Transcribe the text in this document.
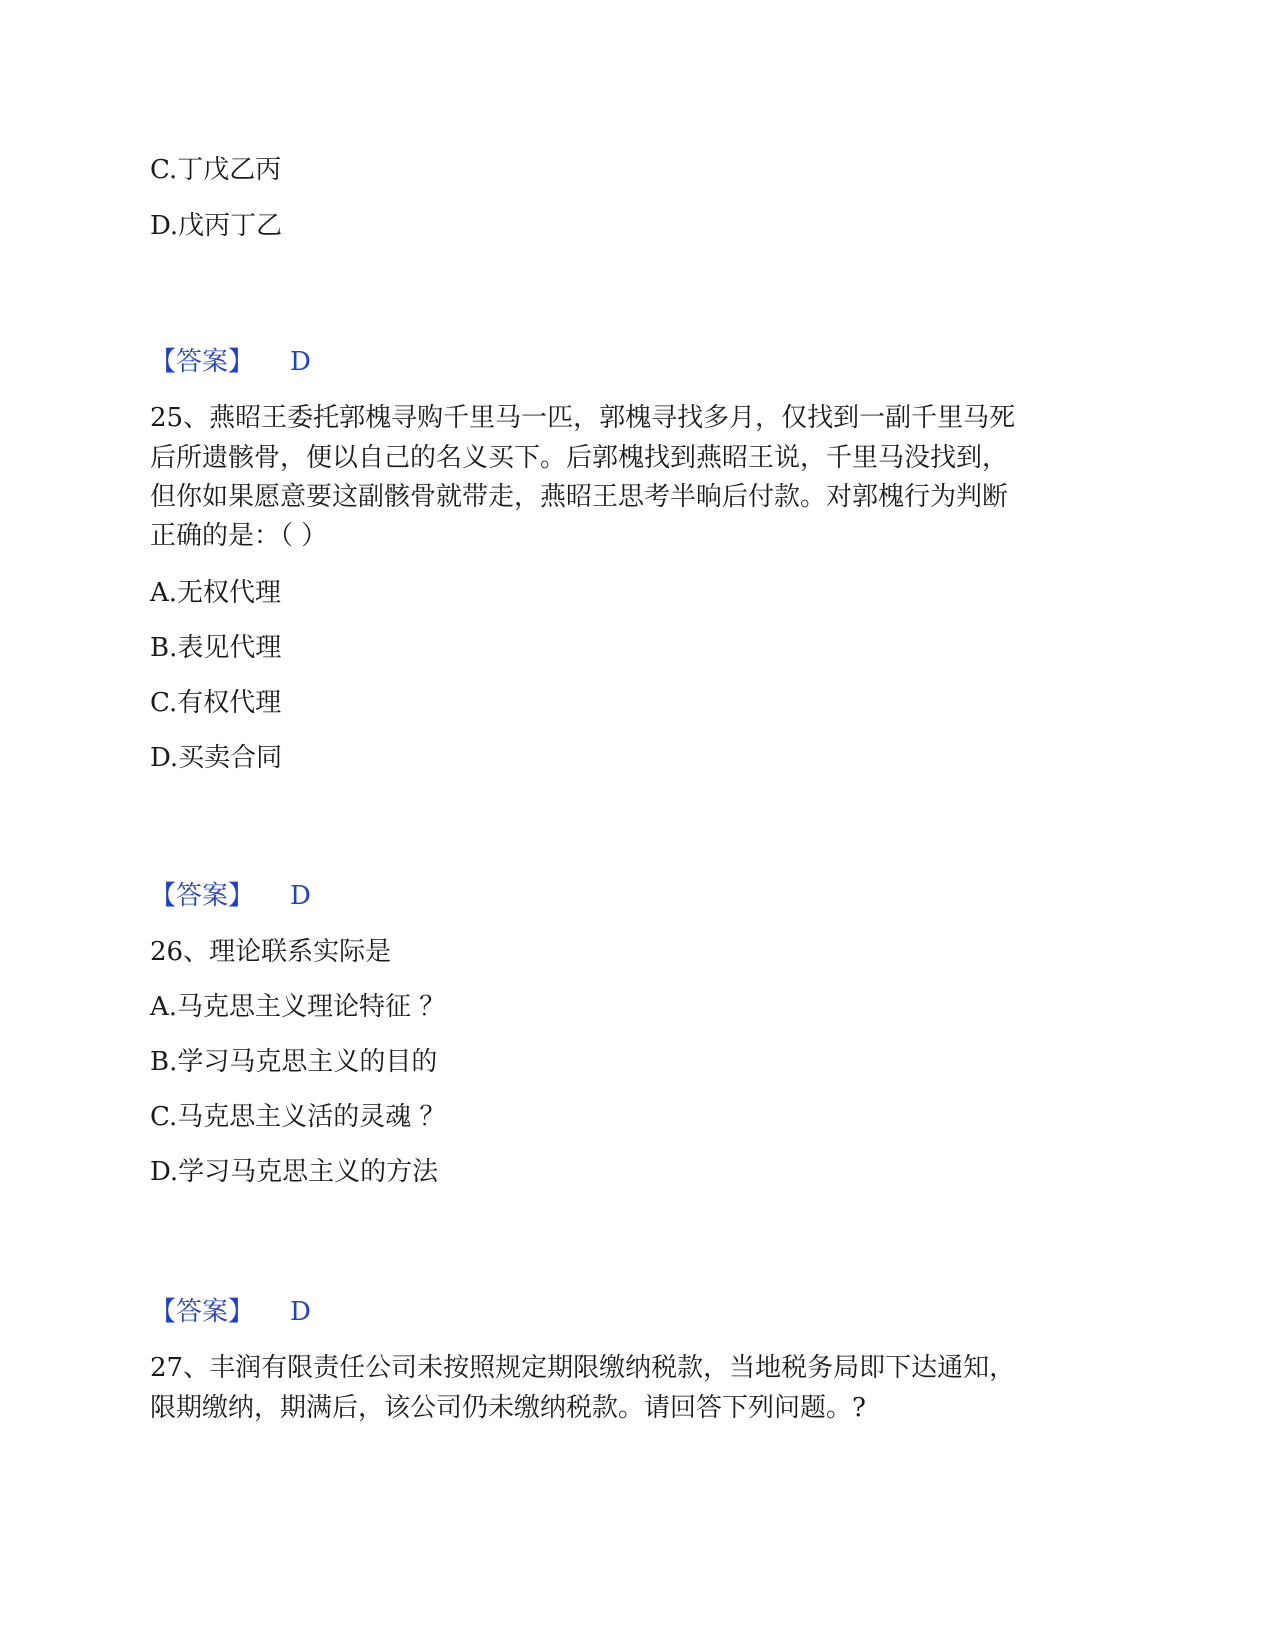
C.丁戊乙丙
D.戊丙丁乙
【答案】 D
25、燕昭王委托郭槐寻购千里马一匹，郭槐寻找多月，仅找到一副千里马死
后所遗骸骨，便以自己的名义买下。后郭槐找到燕昭王说，千里马没找到，
但你如果愿意要这副骸骨就带走，燕昭王思考半晌后付款。对郭槐行为判断
正确的是：（ ）
A.无权代理
B.表见代理
C.有权代理
D.买卖合同
【答案】 D
26、理论联系实际是
A.马克思主义理论特征 ？
B.学习马克思主义的目的
C.马克思主义活的灵魂 ？
D.学习马克思主义的方法
【答案】 D
27、丰润有限责任公司未按照规定期限缴纳税款，当地税务局即下达通知，
限期缴纳，期满后，该公司仍未缴纳税款。请回答下列问题。?
